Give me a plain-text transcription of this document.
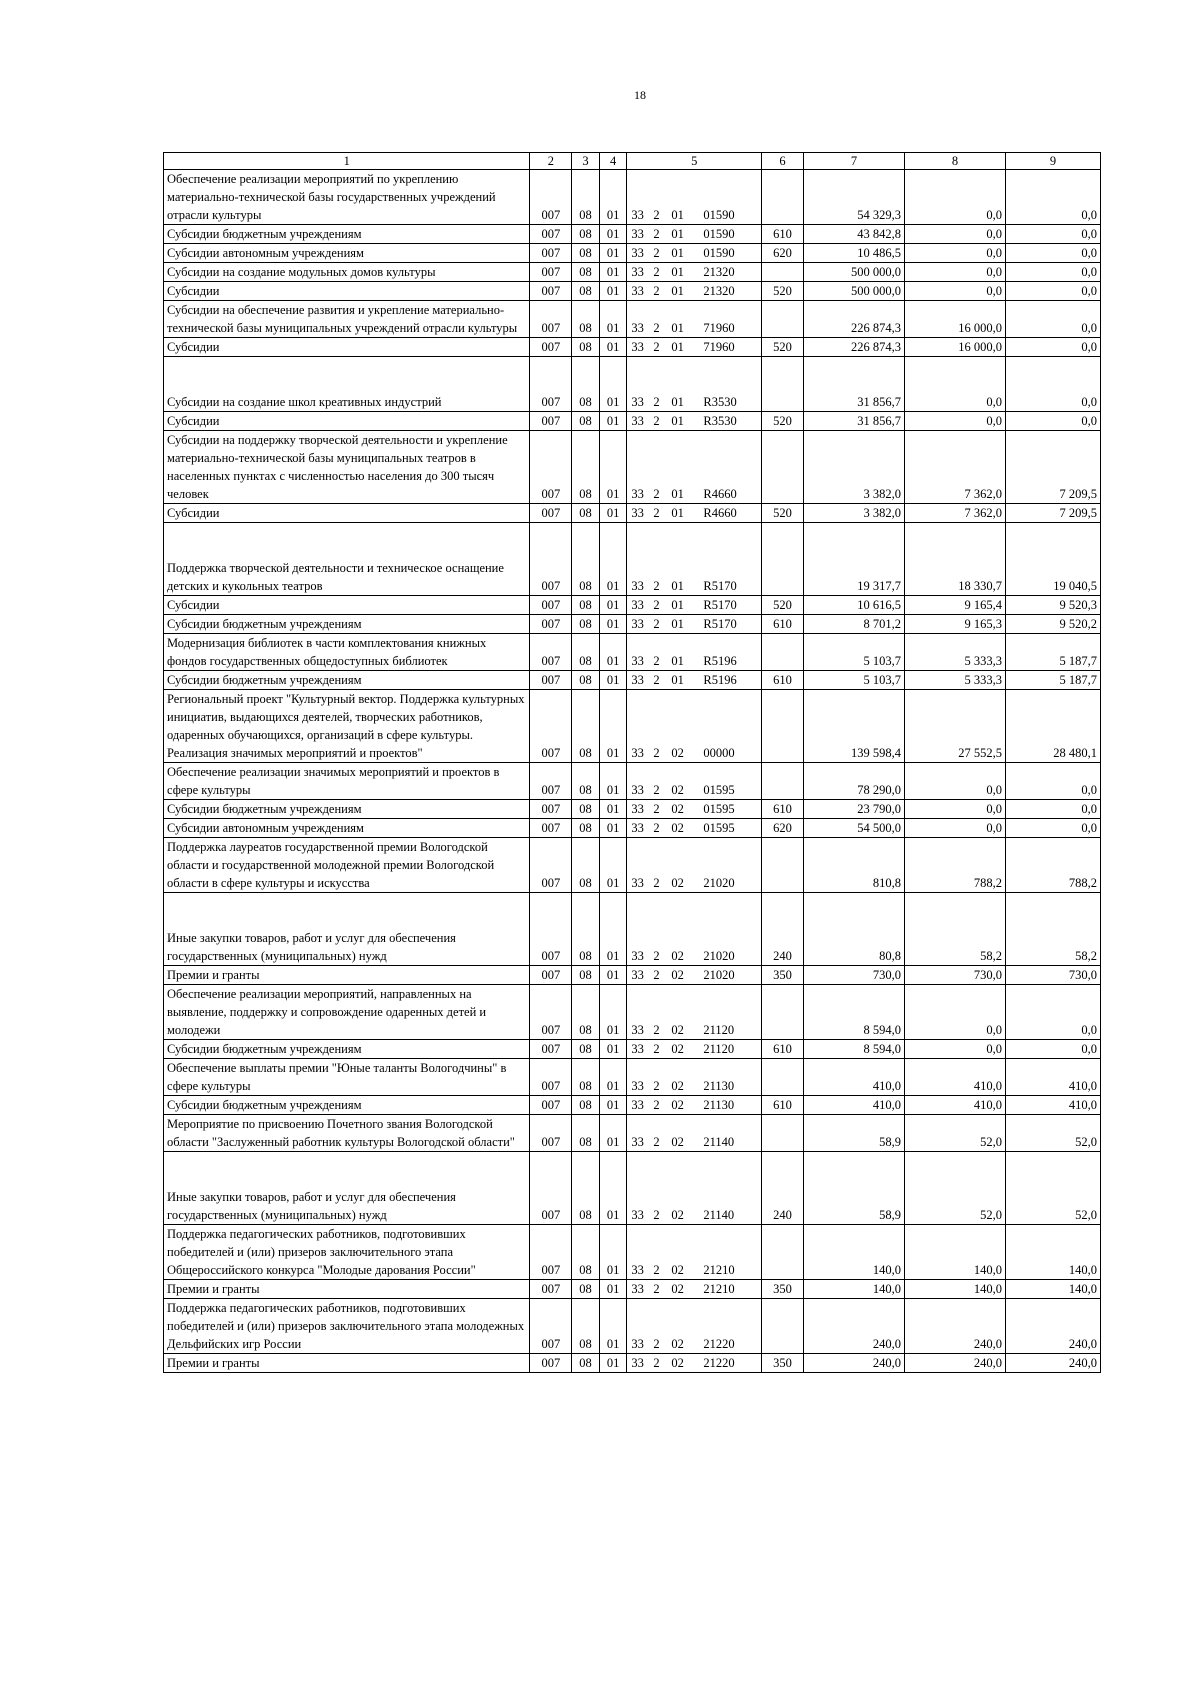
18
1	2	3	4	5	6	7	8	9
Обеспечение реализации мероприятий по укреплению материально-технической базы государственных учреждений отрасли культуры	007	08	01	33 2 01 01590		54 329,3	0,0	0,0
Субсидии бюджетным учреждениям	007	08	01	33 2 01 01590	610	43 842,8	0,0	0,0
Субсидии автономным учреждениям	007	08	01	33 2 01 01590	620	10 486,5	0,0	0,0
Субсидии на создание модульных домов культуры	007	08	01	33 2 01 21320		500 000,0	0,0	0,0
Субсидии	007	08	01	33 2 01 21320	520	500 000,0	0,0	0,0
Субсидии на обеспечение развития и укрепление материально-технической базы муниципальных учреждений отрасли культуры	007	08	01	33 2 01 71960		226 874,3	16 000,0	0,0
Субсидии	007	08	01	33 2 01 71960	520	226 874,3	16 000,0	0,0
Субсидии на создание школ креативных индустрий	007	08	01	33 2 01 R3530		31 856,7	0,0	0,0
Субсидии	007	08	01	33 2 01 R3530	520	31 856,7	0,0	0,0
Субсидии на поддержку творческой деятельности и укрепление материально-технической базы муниципальных театров в населенных пунктах с численностью населения до 300 тысяч человек	007	08	01	33 2 01 R4660		3 382,0	7 362,0	7 209,5
Субсидии	007	08	01	33 2 01 R4660	520	3 382,0	7 362,0	7 209,5
Поддержка творческой деятельности и техническое оснащение детских и кукольных театров	007	08	01	33 2 01 R5170		19 317,7	18 330,7	19 040,5
Субсидии	007	08	01	33 2 01 R5170	520	10 616,5	9 165,4	9 520,3
Субсидии бюджетным учреждениям	007	08	01	33 2 01 R5170	610	8 701,2	9 165,3	9 520,2
Модернизация библиотек в части комплектования книжных фондов государственных общедоступных библиотек	007	08	01	33 2 01 R5196		5 103,7	5 333,3	5 187,7
Субсидии бюджетным учреждениям	007	08	01	33 2 01 R5196	610	5 103,7	5 333,3	5 187,7
Региональный проект "Культурный вектор. Поддержка культурных инициатив, выдающихся деятелей, творческих работников, одаренных обучающихся, организаций в сфере культуры. Реализация значимых мероприятий и проектов"	007	08	01	33 2 02 00000		139 598,4	27 552,5	28 480,1
Обеспечение реализации значимых мероприятий и проектов в сфере культуры	007	08	01	33 2 02 01595		78 290,0	0,0	0,0
Субсидии бюджетным учреждениям	007	08	01	33 2 02 01595	610	23 790,0	0,0	0,0
Субсидии автономным учреждениям	007	08	01	33 2 02 01595	620	54 500,0	0,0	0,0
Поддержка лауреатов государственной премии Вологодской области и государственной молодежной премии Вологодской области в сфере культуры и искусства	007	08	01	33 2 02 21020		810,8	788,2	788,2
Иные закупки товаров, работ и услуг для обеспечения государственных (муниципальных) нужд	007	08	01	33 2 02 21020	240	80,8	58,2	58,2
Премии и гранты	007	08	01	33 2 02 21020	350	730,0	730,0	730,0
Обеспечение реализации мероприятий, направленных на выявление, поддержку и сопровождение одаренных детей и молодежи	007	08	01	33 2 02 21120		8 594,0	0,0	0,0
Субсидии бюджетным учреждениям	007	08	01	33 2 02 21120	610	8 594,0	0,0	0,0
Обеспечение выплаты премии "Юные таланты Вологодчины" в сфере культуры	007	08	01	33 2 02 21130		410,0	410,0	410,0
Субсидии бюджетным учреждениям	007	08	01	33 2 02 21130	610	410,0	410,0	410,0
Мероприятие по присвоению Почетного звания Вологодской области "Заслуженный работник культуры Вологодской области"	007	08	01	33 2 02 21140		58,9	52,0	52,0
Иные закупки товаров, работ и услуг для обеспечения государственных (муниципальных) нужд	007	08	01	33 2 02 21140	240	58,9	52,0	52,0
Поддержка педагогических работников, подготовивших победителей и (или) призеров заключительного этапа Общероссийского конкурса "Молодые дарования России"	007	08	01	33 2 02 21210		140,0	140,0	140,0
Премии и гранты	007	08	01	33 2 02 21210	350	140,0	140,0	140,0
Поддержка педагогических работников, подготовивших победителей и (или) призеров заключительного этапа молодежных Дельфийских игр России	007	08	01	33 2 02 21220		240,0	240,0	240,0
Премии и гранты	007	08	01	33 2 02 21220	350	240,0	240,0	240,0
